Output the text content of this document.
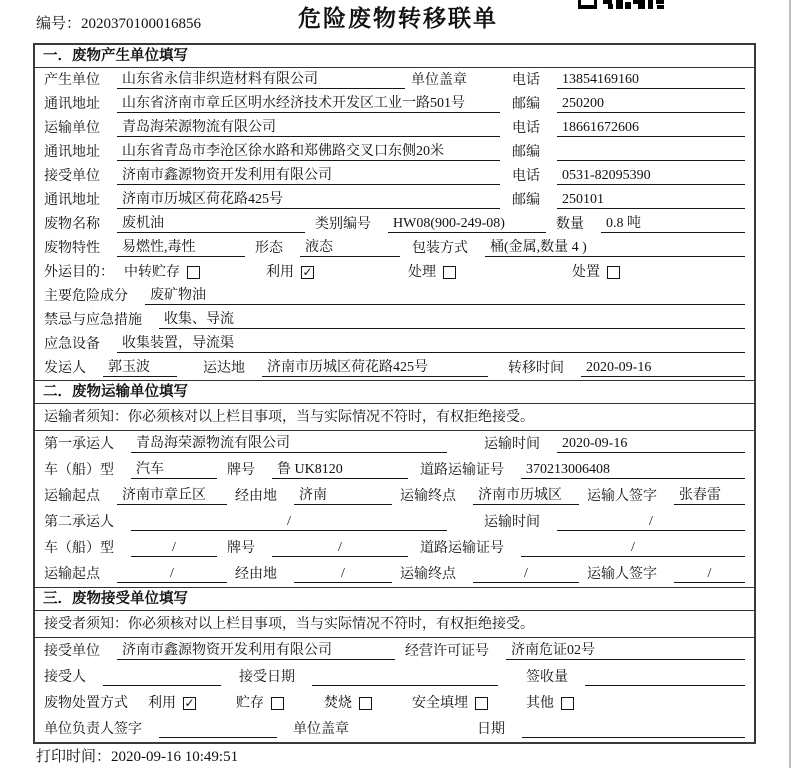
编号：2020370100016856	危险废物转移联单
一．废物产生单位填写
产生单位	山东省永信非织造材料有限公司	单位盖章	电话	13854169160
通讯地址	山东省济南市章丘区明水经济技术开发区工业一路501号	邮编	250200
运输单位	青岛海荣源物流有限公司	电话	18661672606
通讯地址	山东省青岛市李沧区徐水路和郑佛路交叉口东侧20米	邮编
接受单位	济南市鑫源物资开发利用有限公司	电话	0531-82095390
通讯地址	济南市历城区荷花路425号	邮编	250101
废物名称	废机油	类别编号	HW08(900-249-08)	数量	0.8 吨
废物特性	易燃性,毒性	形态	液态	包装方式	桶(金属,数量 4 )
外运目的： 中转贮存	利用 ✓	处理	处置
主要危险成分	废矿物油
禁忌与应急措施	收集、导流
应急设备	收集装置，导流渠
发运人	郭玉波	运达地	济南市历城区荷花路425号	转移时间	2020-09-16
二．废物运输单位填写
运输者须知：你必须核对以上栏目事项，当与实际情况不符时，有权拒绝接受。
第一承运人	青岛海荣源物流有限公司	运输时间	2020-09-16
车（船）型	汽车	牌号	鲁 UK8120	道路运输证号	370213006408
运输起点	济南市章丘区	经由地	济南	运输终点	济南市历城区	运输人签字	张春雷
第二承运人	/	运输时间	/
车（船）型	/	牌号	/	道路运输证号	/
运输起点	/	经由地	/	运输终点	/	运输人签字	/
三．废物接受单位填写
接受者须知：你必须核对以上栏目事项，当与实际情况不符时，有权拒绝接受。
接受单位	济南市鑫源物资开发利用有限公司	经营许可证号	济南危证02号
接受人	接受日期	签收量
废物处置方式 利用 ✓	贮存	焚烧	安全填埋	其他
单位负责人签字	单位盖章	日期
打印时间：2020-09-16 10:49:51
